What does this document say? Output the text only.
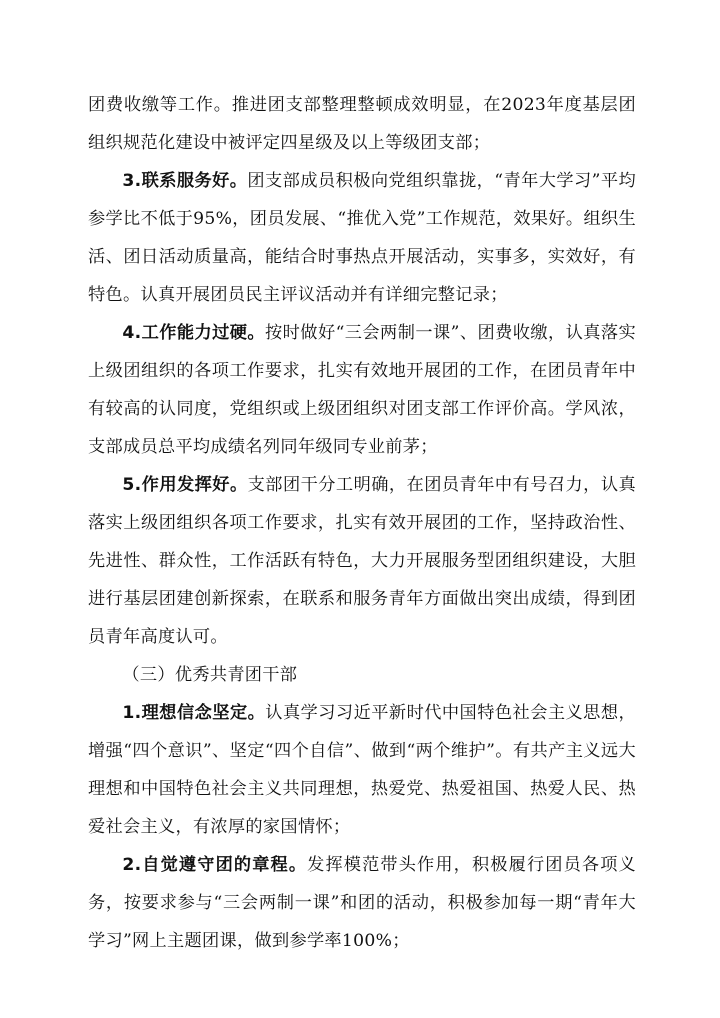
团费收缴等工作。推进团支部整理整顿成效明显，在2023年度基层团组织规范化建设中被评定四星级及以上等级团支部；

3.联系服务好。团支部成员积极向党组织靠拢，“青年大学习”平均参学比不低于95%，团员发展、“推优入党”工作规范，效果好。组织生活、团日活动质量高，能结合时事热点开展活动，实事多，实效好，有特色。认真开展团员民主评议活动并有详细完整记录；

4.工作能力过硬。按时做好“三会两制一课”、团费收缴，认真落实上级团组织的各项工作要求，扎实有效地开展团的工作，在团员青年中有较高的认同度，党组织或上级团组织对团支部工作评价高。学风浓，支部成员总平均成绩名列同年级同专业前茅；

5.作用发挥好。支部团干分工明确，在团员青年中有号召力，认真落实上级团组织各项工作要求，扎实有效开展团的工作，坚持政治性、先进性、群众性，工作活跃有特色，大力开展服务型团组织建设，大胆进行基层团建创新探索，在联系和服务青年方面做出突出成绩，得到团员青年高度认可。

（三）优秀共青团干部

1.理想信念坚定。认真学习习近平新时代中国特色社会主义思想，增强“四个意识”、坚定“四个自信”、做到“两个维护”。有共产主义远大理想和中国特色社会主义共同理想，热爱党、热爱祖国、热爱人民、热爱社会主义，有浓厚的家国情怀；

2.自觉遵守团的章程。发挥模范带头作用，积极履行团员各项义务，按要求参与“三会两制一课”和团的活动，积极参加每一期“青年大学习”网上主题团课，做到参学率100%；
